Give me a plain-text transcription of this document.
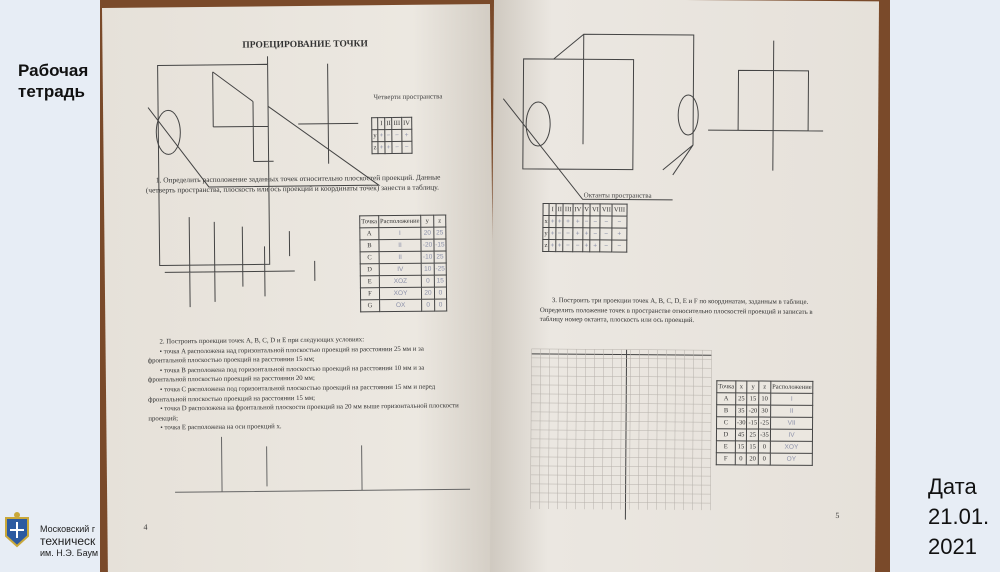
Рабочая
тетрадь
Московский г
техническ
им. Н.Э. Баум
Дата
21.01.
2021
ПРОЕЦИРОВАНИЕ ТОЧКИ
Четверти пространства
	I	II	III	IV
y	+	−	−	+
z	+	+	−	−
1. Определить расположение заданных точек относительно плоскостей проекций. Данные (четверть пространства, плоскость или ось проекций и координаты точек) занести в таблицу.
Точка	Расположение	y	z
A	I	20	25
B	II	-20	-15
C	II	-10	25
D	IV	10	-25
E	XOZ	0	15
F	XOY	20	0
G	OX	0	0
2. Построить проекции точек A, B, C, D и E при следующих условиях:
• точка A расположена над горизонтальной плоскостью проекций на расстоянии 25 мм и за фронтальной плоскостью проекций на расстоянии 15 мм;
• точка B расположена под горизонтальной плоскостью проекций на расстоянии 10 мм и за фронтальной плоскостью проекций на расстоянии 20 мм;
• точка C расположена под горизонтальной плоскостью проекций на расстоянии 15 мм и перед фронтальной плоскостью проекций на расстоянии 15 мм;
• точка D расположена на фронтальной плоскости проекций на 20 мм выше горизонтальной плоскости проекций;
• точка E расположена на оси проекций x.
4
Октанты пространства
	I	II	III	IV	V	VI	VII	VIII
x	+	+	+	+	−	−	−	−
y	+	−	−	+	+	−	−	+
z	+	+	−	−	+	+	−	−
3. Построить три проекции точек A, B, C, D, E и F по координатам, заданным в таблице. Определить положение точек в пространстве относительно плоскостей проекций и записать в таблицу номер октанта, плоскость или ось проекций.
Точка	x	y	z	Расположение
A	25	15	10	I
B	35	-20	30	II
C	-30	-15	-25	VII
D	45	25	-35	IV
E	15	15	0	XOY
F	0	20	0	OY
5
